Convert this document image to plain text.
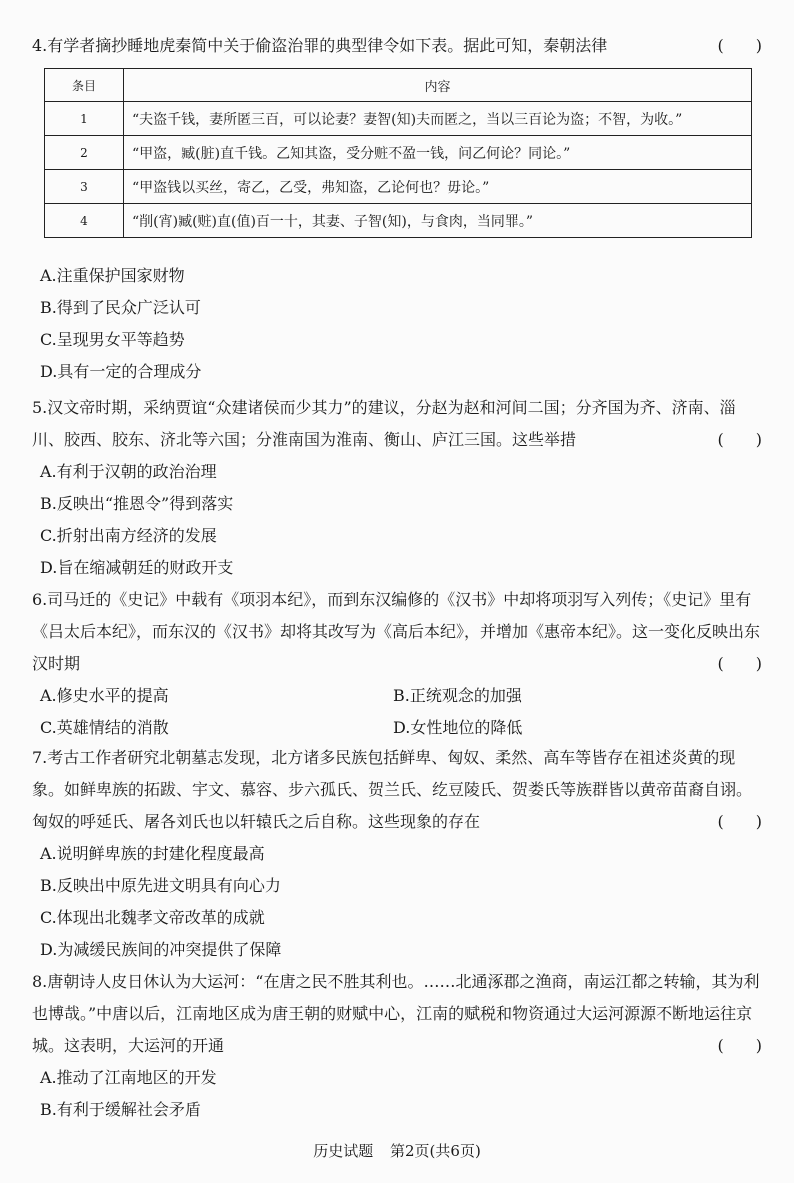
4.有学者摘抄睡地虎秦简中关于偷盗治罪的典型律令如下表。据此可知，秦朝法律	(　　)
条目	内容
1	“夫盗千钱，妻所匿三百，可以论妻？妻智(知)夫而匿之，当以三百论为盗；不智，为收。”
2	“甲盗，臧(脏)直千钱。乙知其盗，受分赃不盈一钱，问乙何论？同论。”
3	“甲盗钱以买丝，寄乙，乙受，弗知盗，乙论何也？毋论。”
4	“削(宵)臧(赃)直(值)百一十，其妻、子智(知)，与食肉，当同罪。”
A.注重保护国家财物
B.得到了民众广泛认可
C.呈现男女平等趋势
D.具有一定的合理成分

5.汉文帝时期，采纳贾谊“众建诸侯而少其力”的建议，分赵为赵和河间二国；分齐国为齐、济南、淄川、胶西、胶东、济北等六国；分淮南国为淮南、衡山、庐江三国。这些举措	(　　)
A.有利于汉朝的政治治理
B.反映出“推恩令”得到落实
C.折射出南方经济的发展
D.旨在缩减朝廷的财政开支

6.司马迁的《史记》中载有《项羽本纪》，而到东汉编修的《汉书》中却将项羽写入列传；《史记》里有《吕太后本纪》，而东汉的《汉书》却将其改写为《高后本纪》，并增加《惠帝本纪》。这一变化反映出东汉时期	(　　)
A.修史水平的提高	B.正统观念的加强
C.英雄情结的消散	D.女性地位的降低

7.考古工作者研究北朝墓志发现，北方诸多民族包括鲜卑、匈奴、柔然、高车等皆存在祖述炎黄的现象。如鲜卑族的拓跋、宇文、慕容、步六孤氏、贺兰氏、纥豆陵氏、贺娄氏等族群皆以黄帝苗裔自诩。匈奴的呼延氏、屠各刘氏也以轩辕氏之后自称。这些现象的存在	(　　)
A.说明鲜卑族的封建化程度最高
B.反映出中原先进文明具有向心力
C.体现出北魏孝文帝改革的成就
D.为减缓民族间的冲突提供了保障

8.唐朝诗人皮日休认为大运河：“在唐之民不胜其利也。……北通涿郡之渔商，南运江都之转输，其为利也博哉。”中唐以后，江南地区成为唐王朝的财赋中心，江南的赋税和物资通过大运河源源不断地运往京城。这表明，大运河的开通	(　　)
A.推动了江南地区的开发
B.有利于缓解社会矛盾
历史试题 第2页(共6页)
